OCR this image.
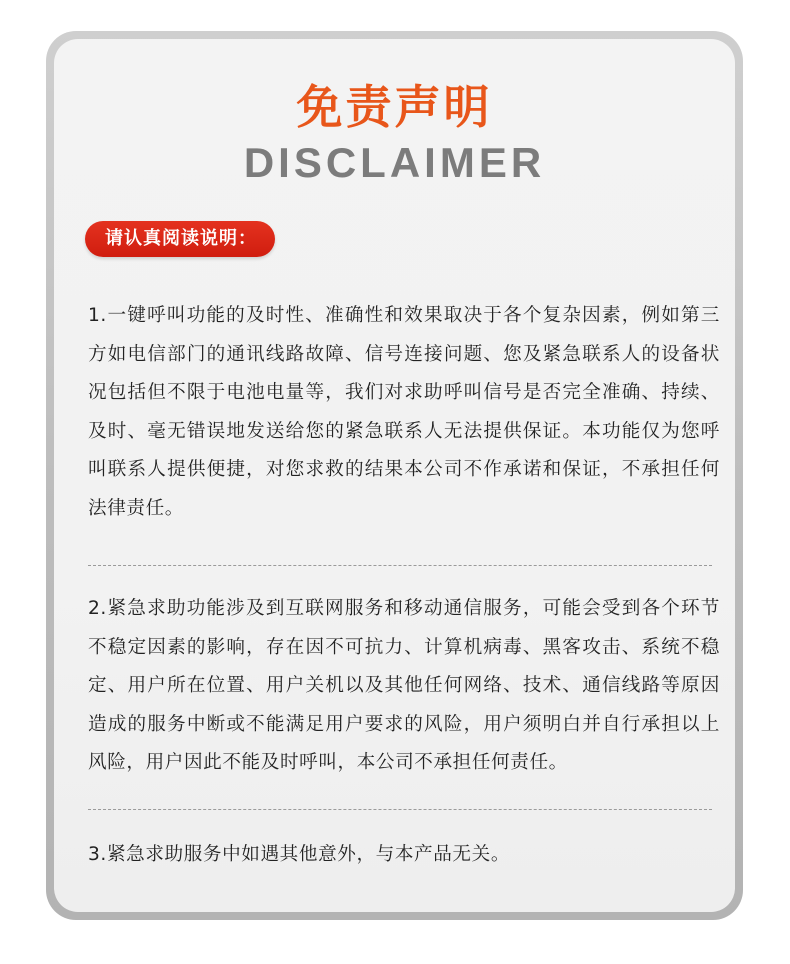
免责声明
DISCLAIMER
请认真阅读说明：
1.一键呼叫功能的及时性、准确性和效果取决于各个复杂因素，例如第三方如电信部门的通讯线路故障、信号连接问题、您及紧急联系人的设备状况包括但不限于电池电量等，我们对求助呼叫信号是否完全准确、持续、及时、毫无错误地发送给您的紧急联系人无法提供保证。本功能仅为您呼叫联系人提供便捷，对您求救的结果本公司不作承诺和保证，不承担任何法律责任。
2.紧急求助功能涉及到互联网服务和移动通信服务，可能会受到各个环节不稳定因素的影响，存在因不可抗力、计算机病毒、黑客攻击、系统不稳定、用户所在位置、用户关机以及其他任何网络、技术、通信线路等原因造成的服务中断或不能满足用户要求的风险，用户须明白并自行承担以上风险，用户因此不能及时呼叫，本公司不承担任何责任。
3.紧急求助服务中如遇其他意外，与本产品无关。
